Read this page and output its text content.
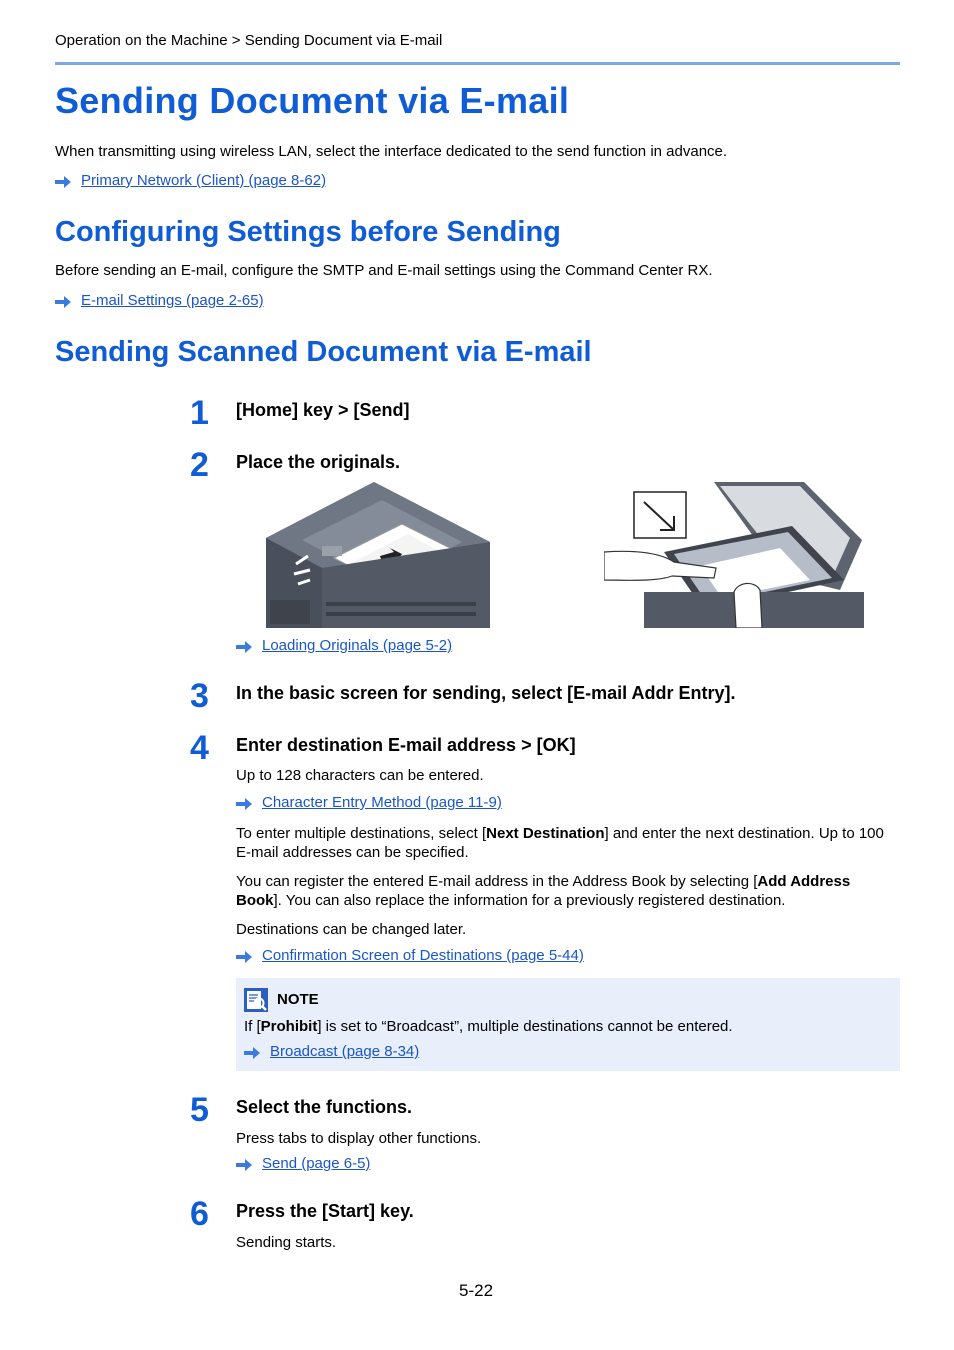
Operation on the Machine > Sending Document via E-mail
Sending Document via E-mail
When transmitting using wireless LAN, select the interface dedicated to the send function in advance.
Primary Network (Client) (page 8-62)
Configuring Settings before Sending
Before sending an E-mail, configure the SMTP and E-mail settings using the Command Center RX.
E-mail Settings (page 2-65)
Sending Scanned Document via E-mail
1	[Home] key > [Send]
2	Place the originals.
Loading Originals (page 5-2)
3	In the basic screen for sending, select [E-mail Addr Entry].
4	Enter destination E-mail address > [OK]
Up to 128 characters can be entered.
Character Entry Method (page 11-9)
To enter multiple destinations, select [Next Destination] and enter the next destination. Up to 100 E-mail addresses can be specified.
You can register the entered E-mail address in the Address Book by selecting [Add Address Book]. You can also replace the information for a previously registered destination.
Destinations can be changed later.
Confirmation Screen of Destinations (page 5-44)
NOTE
If [Prohibit] is set to “Broadcast”, multiple destinations cannot be entered.
Broadcast (page 8-34)
5	Select the functions.
Press tabs to display other functions.
Send (page 6-5)
6	Press the [Start] key.
Sending starts.
5-22
